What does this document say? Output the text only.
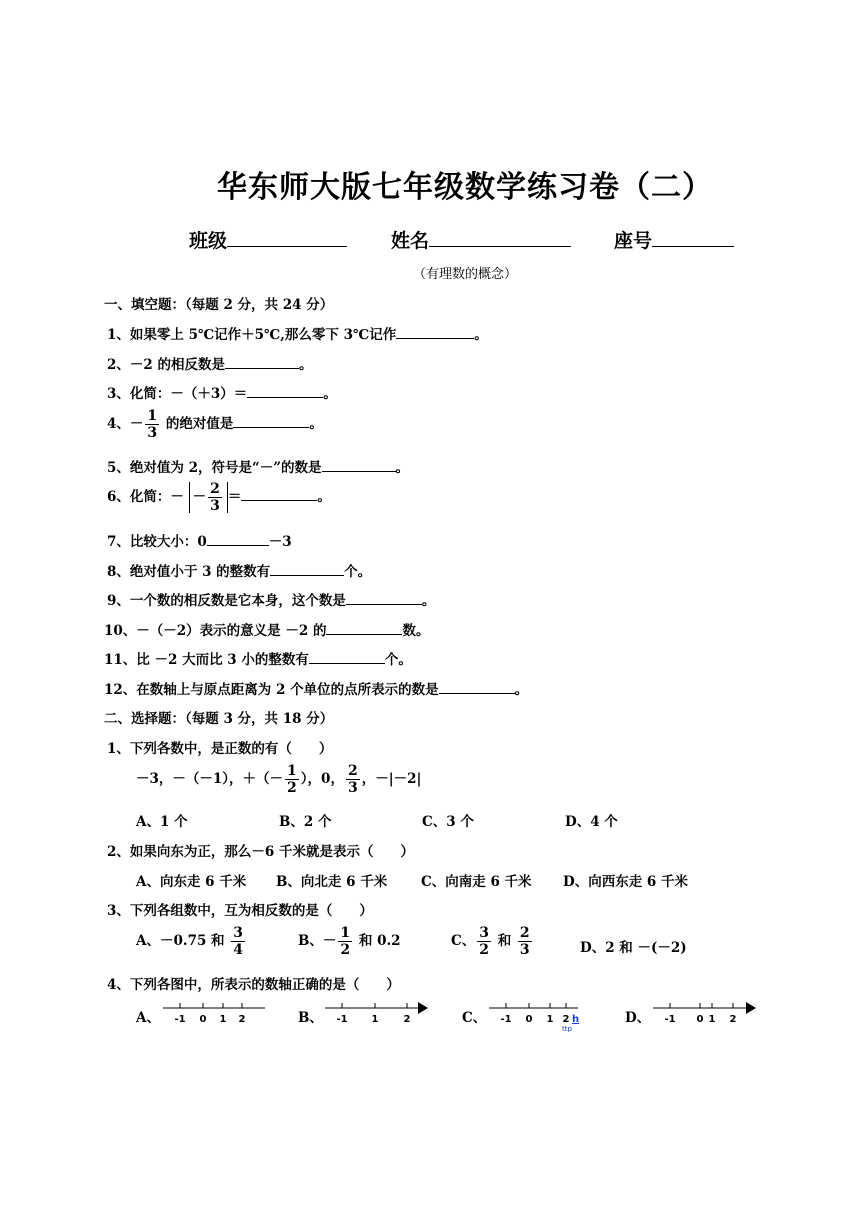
华东师大版七年级数学练习卷（二）
班级	姓名	座号
（有理数的概念）
一、填空题：（每题 2 分，共 24 分）
1、如果零上 5℃记作＋5℃,那么零下 3℃记作	。
2、－2 的相反数是	。
3、化简：－（＋3）＝	。
4、－ $\frac{1}{3}$ 的绝对值是	。
5、绝对值为 2，符号是“－”的数是	。
6、化简：－ － $\frac{2}{3}$ ＝	。
7、比较大小：0	－3
8、绝对值小于 3 的整数有	个。
9、一个数的相反数是它本身，这个数是	。
10、－（－2）表示的意义是 －2 的	数。
11、比 －2 大而比 3 小的整数有	个。
12、在数轴上与原点距离为 2 个单位的点所表示的数是	。
二、选择题：（每题 3 分，共 18 分）
1、下列各数中，是正数的有（　　）
－3，－（－1），＋（－ $\frac{1}{2}$ ），0， $\frac{2}{3}$ ，－|－2|
A、1 个	B、2 个	C、3 个	D、4 个
2、如果向东为正，那么－6 千米就是表示（　　）
A、向东走 6 千米 B、向北走 6 千米	C、向南走 6 千米 D、向西东走 6 千米
3、下列各组数中，互为相反数的是（　　）
A、－0.75 和 $\frac{3}{4}$	B、－ $\frac{1}{2}$ 和 0.2	C、 $\frac{3}{2}$ 和 $\frac{2}{3}$	D、2 和 －(－2)
4、下列各图中，所表示的数轴正确的是（　　）
A、 -1 0 1 2	B、 -1 1	2	C、 -1 0 1 2 h
ttp
D、 -1 0 1 2
